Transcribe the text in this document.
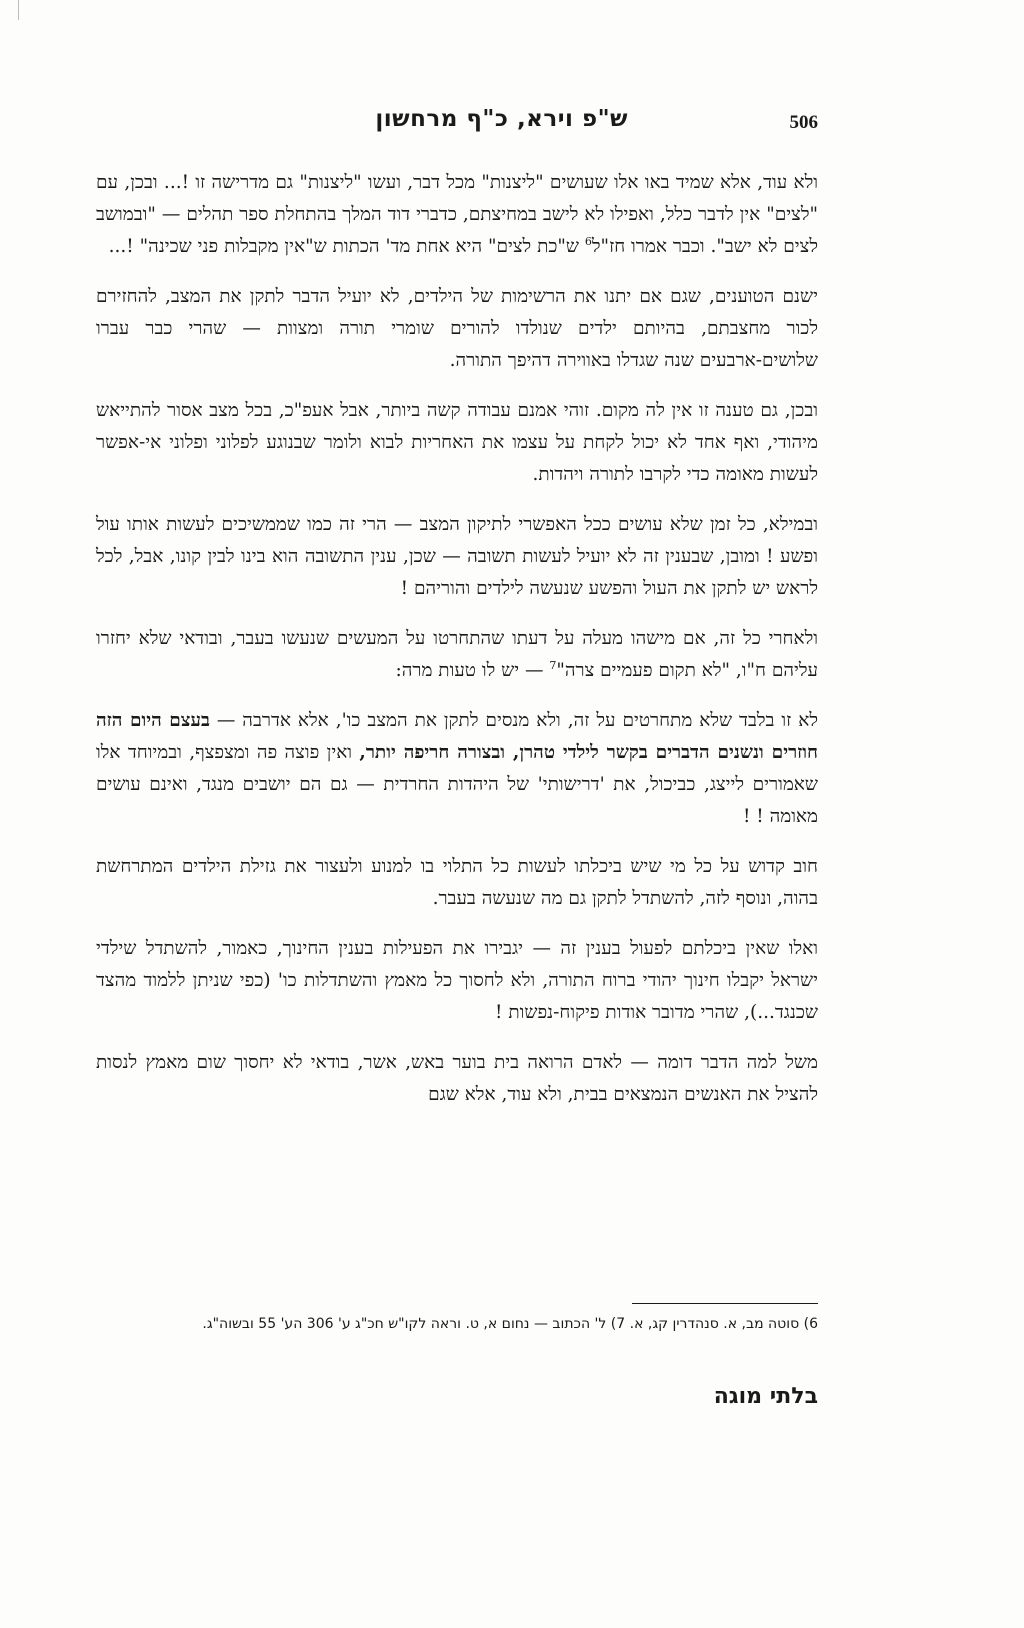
ש"פ וירא, כ"ף מרחשון	506

ולא עוד, אלא שמיד באו אלו שעושים "ליצנות" מכל דבר, ועשו "ליצנות" גם מדרישה זו !... ובכן, עם "לצים" אין לדבר כלל, ואפילו לא לישב במחיצתם, כדברי דוד המלך בהתחלת ספר תהלים — "ובמושב לצים לא ישב". וכבר אמרו חז"ל$^6$ ש"כת לצים" היא אחת מד' הכתות ש"אין מקבלות פני שכינה" !...

ישנם הטוענים, שגם אם יתנו את הרשימות של הילדים, לא יועיל הדבר לתקן את המצב, להחזירם לכור מחצבתם, בהיותם ילדים שנולדו להורים שומרי תורה ומצוות — שהרי כבר עברו שלושים-ארבעים שנה שגדלו באווירה דהיפך התורה.

ובכן, גם טענה זו אין לה מקום. זוהי אמנם עבודה קשה ביותר, אבל אעפ"כ, בכל מצב אסור להתייאש מיהודי, ואף אחד לא יכול לקחת על עצמו את האחריות לבוא ולומר שבנוגע לפלוני ופלוני אי-אפשר לעשות מאומה כדי לקרבו לתורה ויהדות.

ובמילא, כל זמן שלא עושים ככל האפשרי לתיקון המצב — הרי זה כמו שממשיכים לעשות אותו עול ופשע ! ומובן, שבענין זה לא יועיל לעשות תשובה — שכן, ענין התשובה הוא בינו לבין קונו, אבל, לכל לראש יש לתקן את העול והפשע שנעשה לילדים והוריהם !

ולאחרי כל זה, אם מישהו מעלה על דעתו שהתחרטו על המעשים שנעשו בעבר, ובודאי שלא יחזרו עליהם ח"ו, "לא תקום פעמיים צרה"$^7$ — יש לו טעות מרה:

לא זו בלבד שלא מתחרטים על זה, ולא מנסים לתקן את המצב כו', אלא אדרבה — בעצם היום הזה חוזרים ונשנים הדברים בקשר לילדי טהרן, ובצורה חריפה יותר, ואין פוצה פה ומצפצף, ובמיוחד אלו שאמורים לייצג, כביכול, את 'דרישותי' של היהדות החרדית — גם הם יושבים מנגד, ואינם עושים מאומה ! !

חוב קדוש על כל מי שיש ביכלתו לעשות כל התלוי בו למנוע ולעצור את גזילת הילדים המתרחשת בהוה, ונוסף לזה, להשתדל לתקן גם מה שנעשה בעבר.

ואלו שאין ביכלתם לפעול בענין זה — יגבירו את הפעילות בענין החינוך, כאמור, להשתדל שילדי ישראל יקבלו חינוך יהודי ברוח התורה, ולא לחסוך כל מאמץ והשתדלות כו' (כפי שניתן ללמוד מהצד שכנגד...), שהרי מדובר אודות פיקוח-נפשות !

משל למה הדבר דומה — לאדם הרואה בית בוער באש, אשר, בודאי לא יחסוך שום מאמץ לנסות להציל את האנשים הנמצאים בבית, ולא עוד, אלא שגם

6) סוטה מב, א. סנהדרין קג, א. 7) ל' הכתוב — נחום א, ט. וראה לקו"ש חכ"ג ע' 306 הע' 55 ובשוה"ג.
בלתי מוגה
